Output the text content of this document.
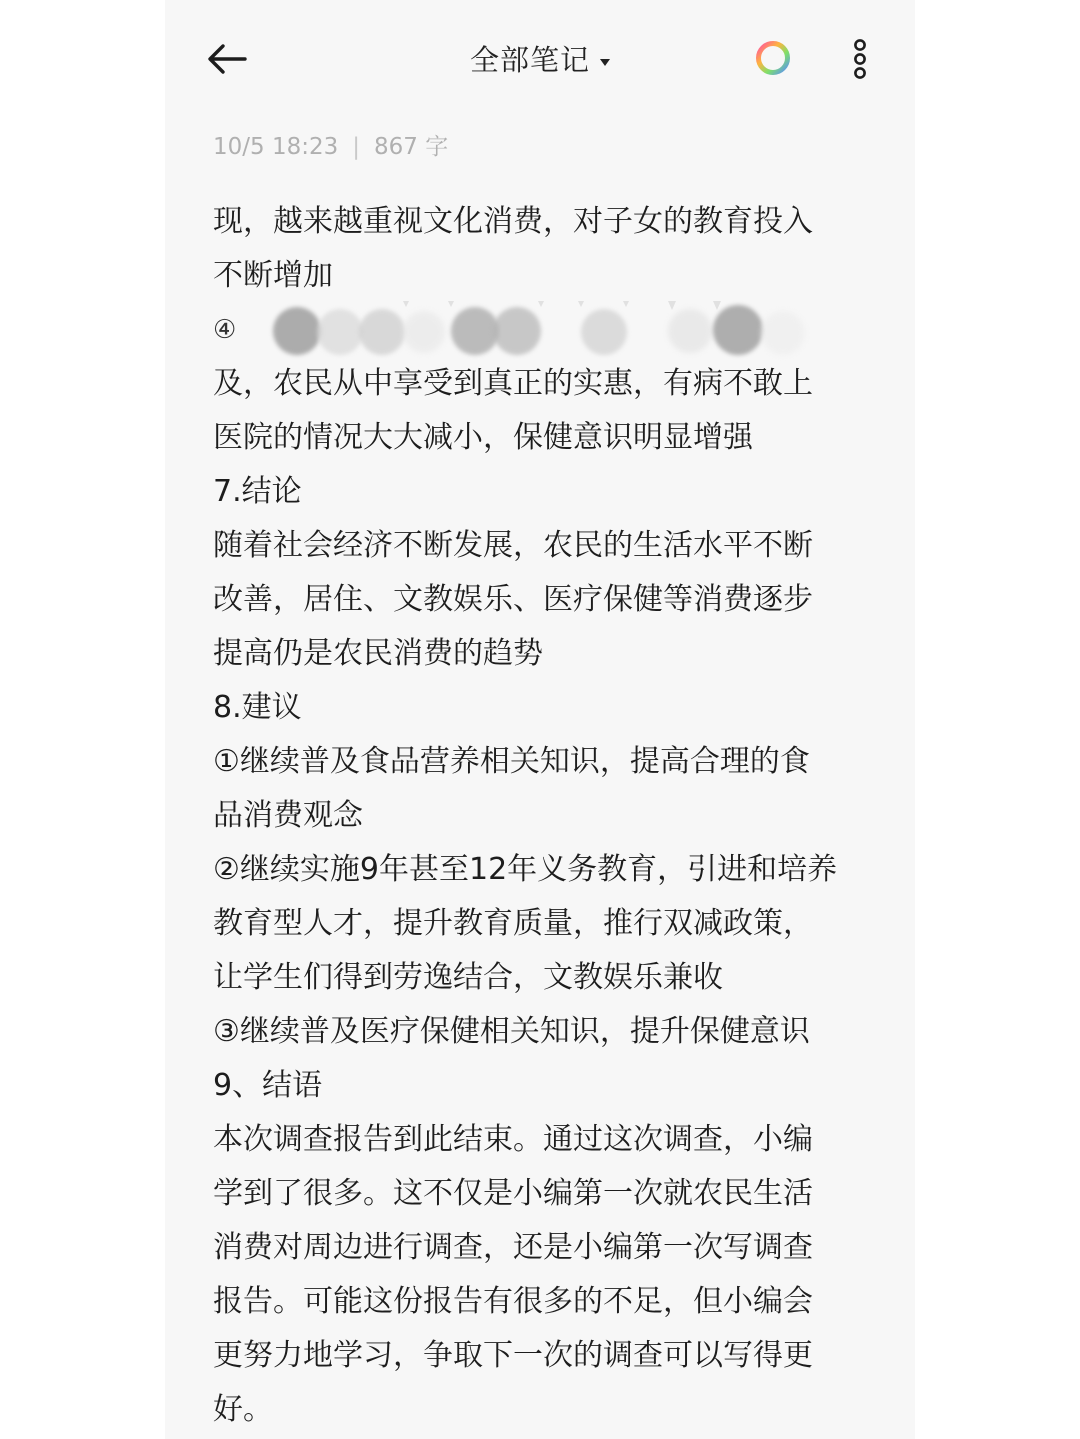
全部笔记
10/5 18:23 | 867 字
现，越来越重视文化消费，对子女的教育投入
不断增加
④
及，农民从中享受到真正的实惠，有病不敢上
医院的情况大大减小，保健意识明显增强
7.结论
随着社会经济不断发展，农民的生活水平不断
改善，居住、文教娱乐、医疗保健等消费逐步
提高仍是农民消费的趋势
8.建议
①继续普及食品营养相关知识，提高合理的食
品消费观念
②继续实施9年甚至12年义务教育，引进和培养
教育型人才，提升教育质量，推行双减政策，
让学生们得到劳逸结合，文教娱乐兼收
③继续普及医疗保健相关知识，提升保健意识
9、结语
本次调查报告到此结束。通过这次调查，小编
学到了很多。这不仅是小编第一次就农民生活
消费对周边进行调查，还是小编第一次写调查
报告。可能这份报告有很多的不足，但小编会
更努力地学习，争取下一次的调查可以写得更
好。
